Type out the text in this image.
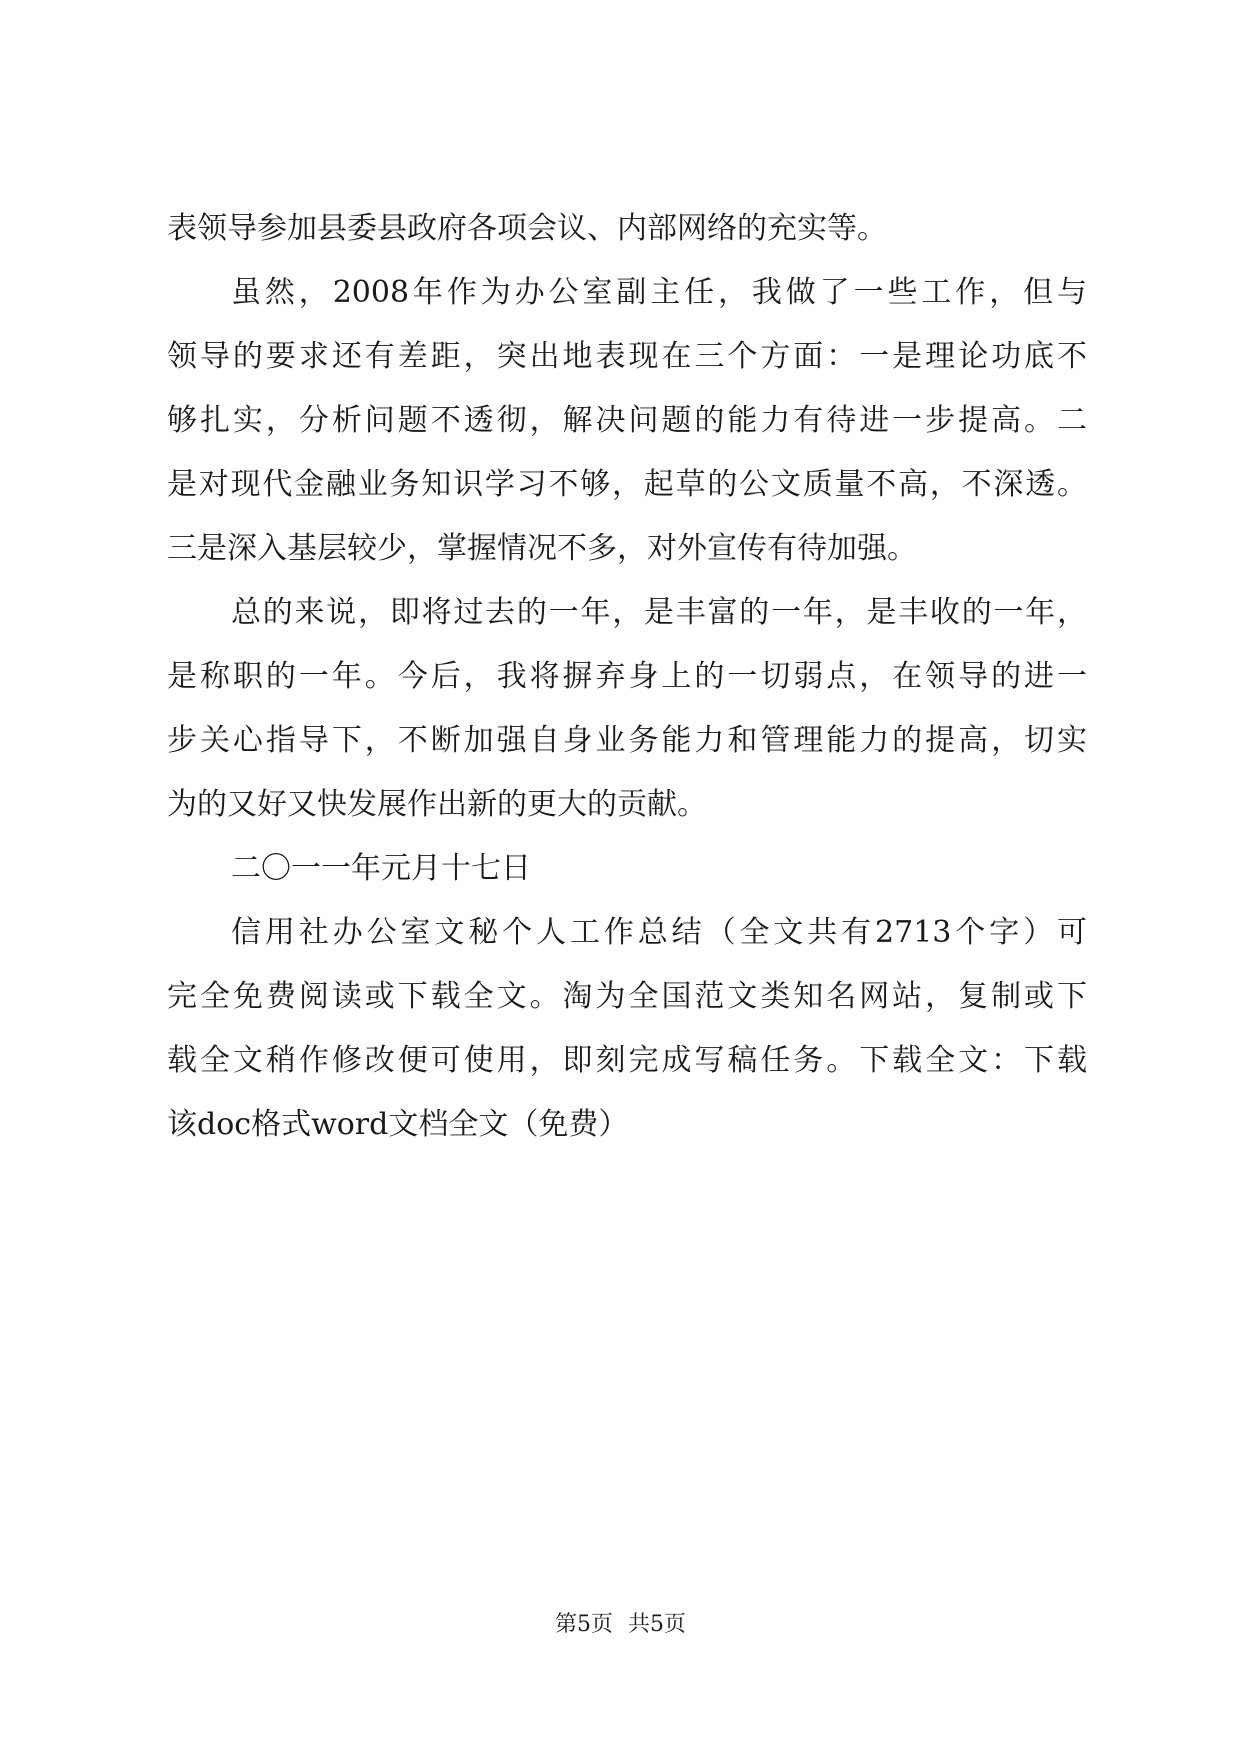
表领导参加县委县政府各项会议、内部网络的充实等。
虽然，2008年作为办公室副主任，我做了一些工作，但与
领导的要求还有差距，突出地表现在三个方面：一是理论功底不
够扎实，分析问题不透彻，解决问题的能力有待进一步提高。二
是对现代金融业务知识学习不够，起草的公文质量不高，不深透。
三是深入基层较少，掌握情况不多，对外宣传有待加强。
总的来说，即将过去的一年，是丰富的一年，是丰收的一年，
是称职的一年。今后，我将摒弃身上的一切弱点，在领导的进一
步关心指导下，不断加强自身业务能力和管理能力的提高，切实
为的又好又快发展作出新的更大的贡献。
二〇一一年元月十七日
信用社办公室文秘个人工作总结（全文共有2713个字）可
完全免费阅读或下载全文。淘为全国范文类知名网站，复制或下
载全文稍作修改便可使用，即刻完成写稿任务。下载全文：下载
该doc格式word文档全文（免费）
第5页 共5页
